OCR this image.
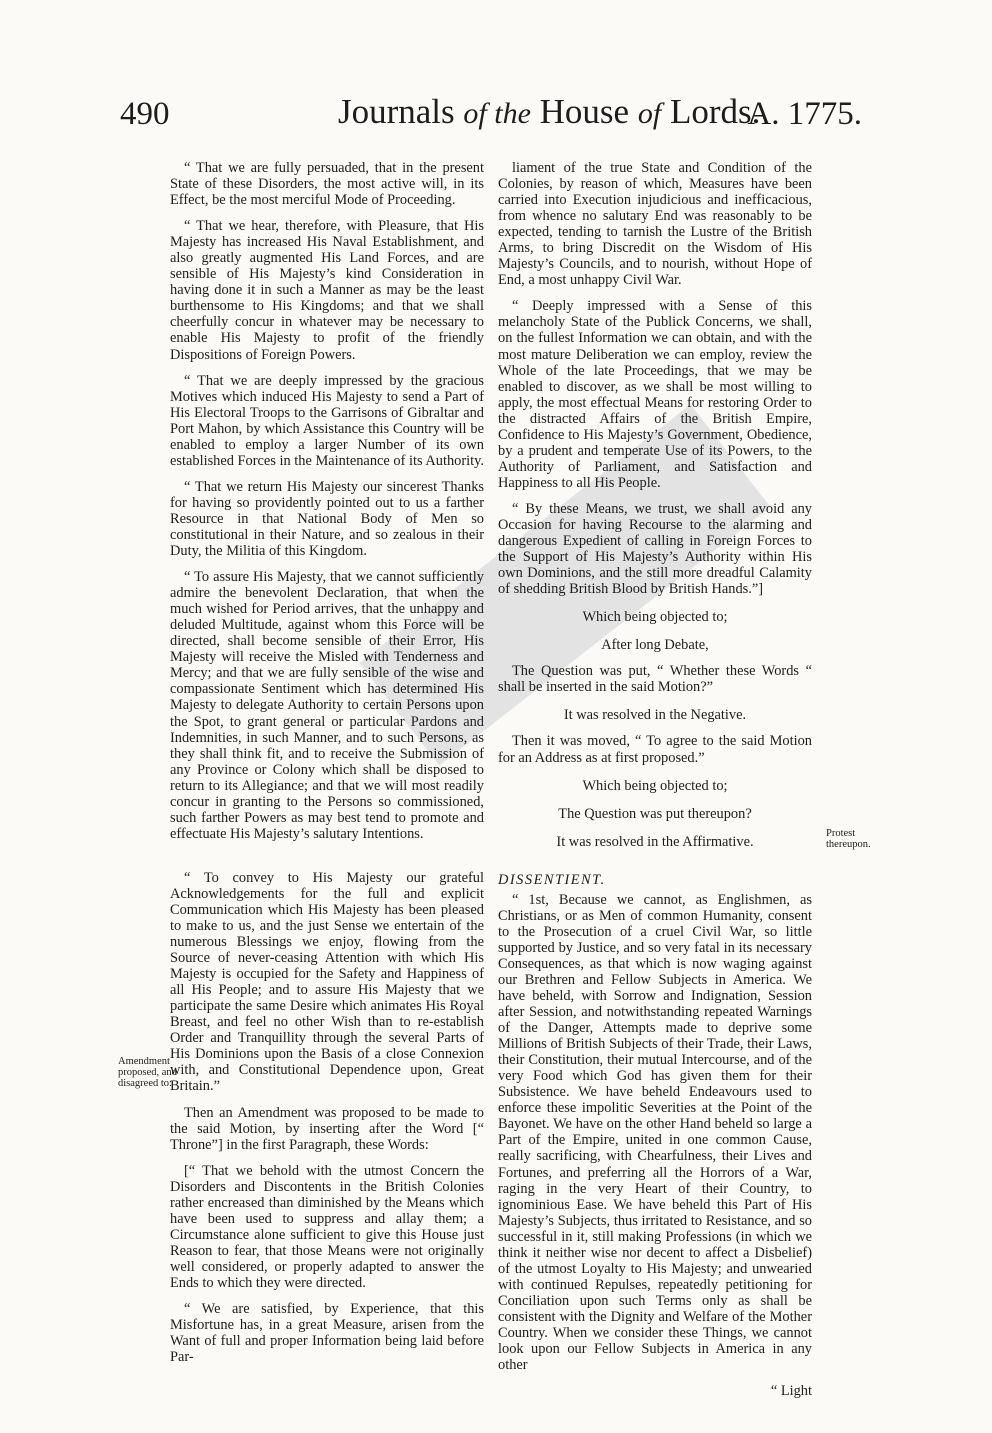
490	Journals of the House of Lords.
A. 1775.

“ That we are fully persuaded, that in the present State of these Disorders, the most active will, in its Effect, be the most merciful Mode of Proceeding.

“ That we hear, therefore, with Pleasure, that His Majesty has increased His Naval Establishment, and also greatly augmented His Land Forces, and are sensible of His Majesty’s kind Consideration in having done it in such a Manner as may be the least burthensome to His Kingdoms; and that we shall cheerfully concur in whatever may be necessary to enable His Majesty to profit of the friendly Dispositions of Foreign Powers.

“ That we are deeply impressed by the gracious Motives which induced His Majesty to send a Part of His Electoral Troops to the Garrisons of Gibraltar and Port Mahon, by which Assistance this Country will be enabled to employ a larger Number of its own established Forces in the Maintenance of its Authority.

“ That we return His Majesty our sincerest Thanks for having so providently pointed out to us a farther Resource in that National Body of Men so constitutional in their Nature, and so zealous in their Duty, the Militia of this Kingdom.

“ To assure His Majesty, that we cannot sufficiently admire the benevolent Declaration, that when the much wished for Period arrives, that the unhappy and deluded Multitude, against whom this Force will be directed, shall become sensible of their Error, His Majesty will receive the Misled with Tenderness and Mercy; and that we are fully sensible of the wise and compassionate Sentiment which has determined His Majesty to delegate Authority to certain Persons upon the Spot, to grant general or particular Pardons and Indemnities, in such Manner, and to such Persons, as they shall think fit, and to receive the Submission of any Province or Colony which shall be disposed to return to its Allegiance; and that we will most readily concur in granting to the Persons so commissioned, such farther Powers as may best tend to promote and effectuate His Majesty’s salutary Intentions.

“ To convey to His Majesty our grateful Acknowledgements for the full and explicit Communication which His Majesty has been pleased to make to us, and the just Sense we entertain of the numerous Blessings we enjoy, flowing from the Source of never-ceasing Attention with which His Majesty is occupied for the Safety and Happiness of all His People; and to assure His Majesty that we participate the same Desire which animates His Royal Breast, and feel no other Wish than to re-establish Order and Tranquillity through the several Parts of His Dominions upon the Basis of a close Connexion with, and Constitutional Dependence upon, Great Britain.”

Then an Amendment was proposed to be made to the said Motion, by inserting after the Word [“ Throne”] in the first Paragraph, these Words:

[“ That we behold with the utmost Concern the Disorders and Discontents in the British Colonies rather encreased than diminished by the Means which have been used to suppress and allay them; a Circumstance alone sufficient to give this House just Reason to fear, that those Means were not originally well considered, or properly adapted to answer the Ends to which they were directed.

“ We are satisfied, by Experience, that this Misfortune has, in a great Measure, arisen from the Want of full and proper Information being laid before Par-

liament of the true State and Condition of the Colonies, by reason of which, Measures have been carried into Execution injudicious and inefficacious, from whence no salutary End was reasonably to be expected, tending to tarnish the Lustre of the British Arms, to bring Discredit on the Wisdom of His Majesty’s Councils, and to nourish, without Hope of End, a most unhappy Civil War.

“ Deeply impressed with a Sense of this melancholy State of the Publick Concerns, we shall, on the fullest Information we can obtain, and with the most mature Deliberation we can employ, review the Whole of the late Proceedings, that we may be enabled to discover, as we shall be most willing to apply, the most effectual Means for restoring Order to the distracted Affairs of the British Empire, Confidence to His Majesty’s Government, Obedience, by a prudent and temperate Use of its Powers, to the Authority of Parliament, and Satisfaction and Happiness to all His People.

“ By these Means, we trust, we shall avoid any Occasion for having Recourse to the alarming and dangerous Expedient of calling in Foreign Forces to the Support of His Majesty’s Authority within His own Dominions, and the still more dreadful Calamity of shedding British Blood by British Hands.”]

Which being objected to;

After long Debate,

The Question was put, “ Whether these Words “ shall be inserted in the said Motion?”

It was resolved in the Negative.

Then it was moved, “ To agree to the said Motion for an Address as at first proposed.”

Which being objected to;

The Question was put thereupon?

It was resolved in the Affirmative.

DISSENTIENT.

“ 1st, Because we cannot, as Englishmen, as Christians, or as Men of common Humanity, consent to the Prosecution of a cruel Civil War, so little supported by Justice, and so very fatal in its necessary Consequences, as that which is now waging against our Brethren and Fellow Subjects in America. We have beheld, with Sorrow and Indignation, Session after Session, and notwithstanding repeated Warnings of the Danger, Attempts made to deprive some Millions of British Subjects of their Trade, their Laws, their Constitution, their mutual Intercourse, and of the very Food which God has given them for their Subsistence. We have beheld Endeavours used to enforce these impolitic Severities at the Point of the Bayonet. We have on the other Hand beheld so large a Part of the Empire, united in one common Cause, really sacrificing, with Chearfulness, their Lives and Fortunes, and preferring all the Horrors of a War, raging in the very Heart of their Country, to ignominious Ease. We have beheld this Part of His Majesty’s Subjects, thus irritated to Resistance, and so successful in it, still making Professions (in which we think it neither wise nor decent to affect a Disbelief) of the utmost Loyalty to His Majesty; and unwearied with continued Repulses, repeatedly petitioning for Conciliation upon such Terms only as shall be consistent with the Dignity and Welfare of the Mother Country. When we consider these Things, we cannot look upon our Fellow Subjects in America in any other

“ Light

Amendment proposed, and disagreed to:
Protest thereupon.
